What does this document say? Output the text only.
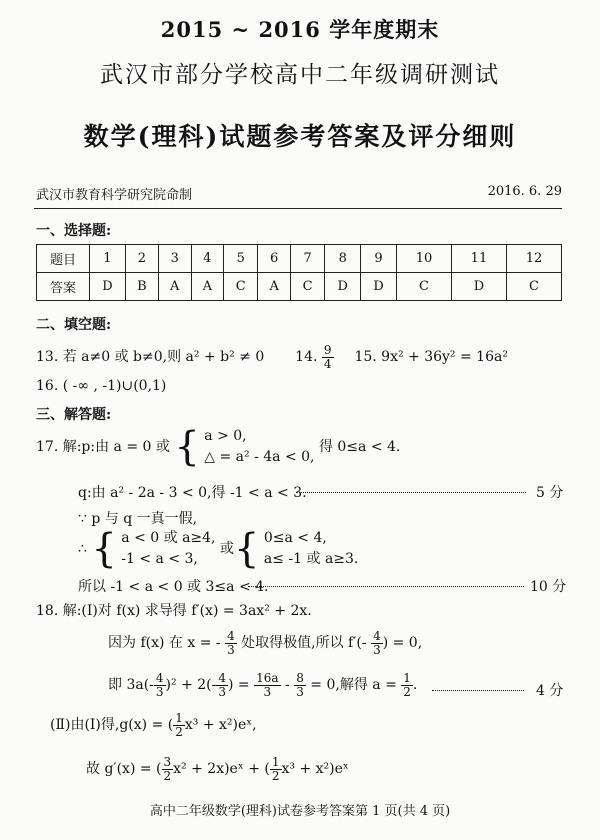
2015 ~ 2016 学年度期末
武汉市部分学校高中二年级调研测试
数学(理科)试题参考答案及评分细则
武汉市教育科学研究院命制	2016. 6. 29
一、选择题:
题目	1	2	3	4	5	6	7	8	9	10	11	12
答案	D	B	A	A	C	A	C	D	D	C	D	C
二、填空题:
13. 若 a≠0 或 b≠0,则 a² + b² ≠ 0 14. $\frac{9}{4} 15$. 9x² + 36y² = 16a²
16. ( -∞ , -1)∪(0,1)
三、解答题:
17. 解:p:由 a = 0 或 { a > 0,
△ = a² - 4a < 0,
得 0≤a < 4.
q:由 a² - 2a - 3 < 0,得 -1 < a < 3.	5 分
∵ p 与 q 一真一假,
∴ { a < 0 或 a≥4,
-1 < a < 3,
或{ 0≤a < 4,
a≤ -1 或 a≥3.
所以 -1 < a < 0 或 3≤a < 4.	10 分
18. 解:(Ⅰ)对 f(x) 求导得 f′(x) = 3ax² + 2x.
因为 f(x) 在 x = - $\frac{4}{3}$ 处取得极值,所以 $f'(- \frac{4}{3}$ ) = 0,
即 $3a(- \frac{4}{3} )^2 + 2(- \frac{4}{3}$ ) = $\frac{16a}{3} - \frac{8}{3} = 0$,解得 $a = \frac{1}{2}$ .	4 分
(Ⅱ)由(Ⅰ)得,g(x) = ( $\frac{1}{2} x^3$ + x²)eˣ,
故 g′(x) = ( $\frac{3}{2} x^2$ + 2x)eˣ + ( $\frac{1}{2} x^3$ + x²)eˣ
高中二年级数学(理科)试卷参考答案第 1 页(共 4 页)
